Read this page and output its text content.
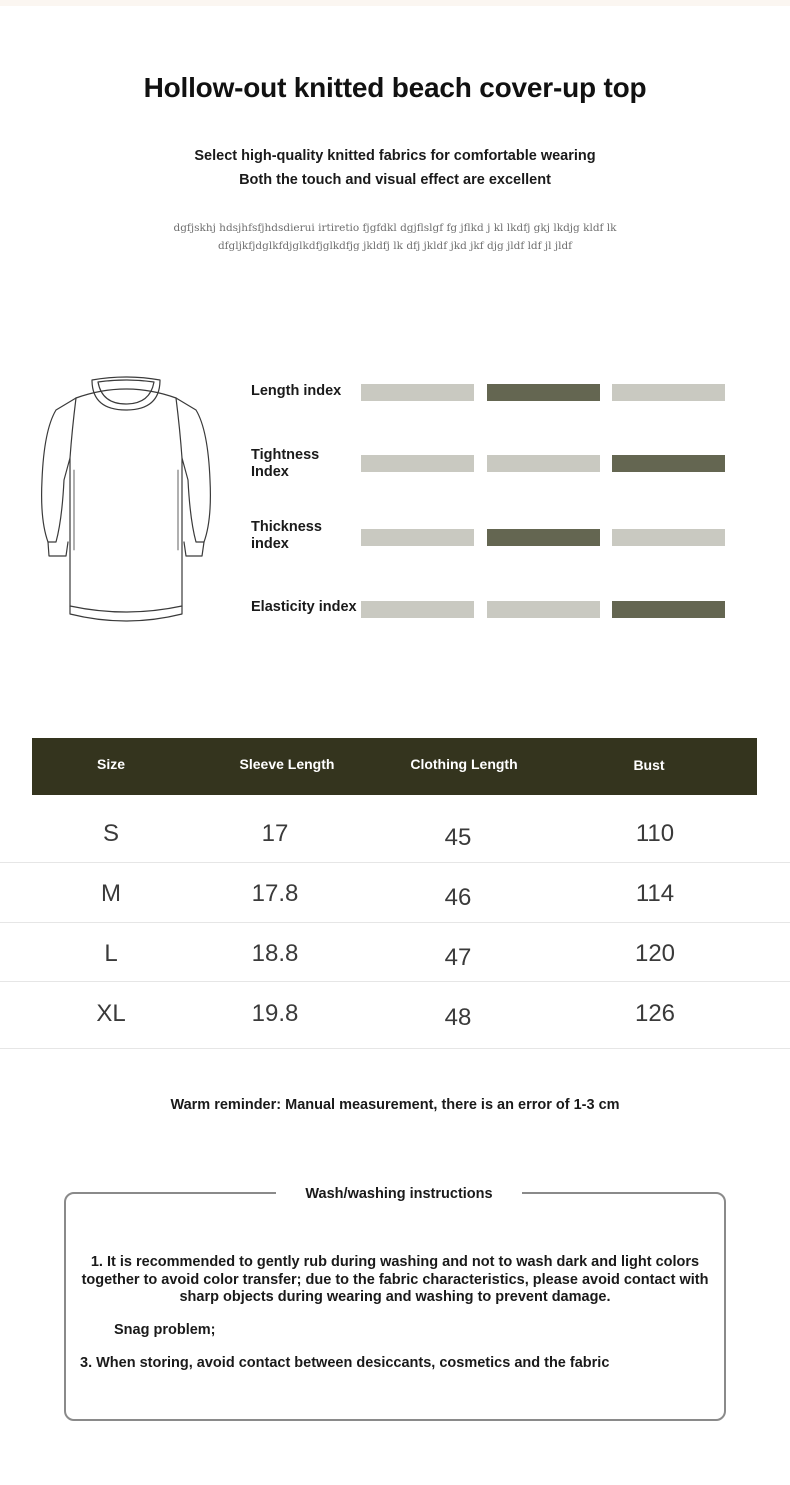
Hollow-out knitted beach cover-up top
Select high-quality knitted fabrics for comfortable wearing
Both the touch and visual effect are excellent
dgfjskhj hdsjhfsfjhdsdierui irtiretio fjgfdkl dgjflslgf fg jflkd j kl lkdfj gkj lkdjg kldf lk
dfgljkfjdglkfdjglkdfjglkdfjg jkldfj lk dfj jkldf jkd jkf djg jldf ldf jl jldf
Length index
Tightness Index
Thickness index
Elasticity index
Size	Sleeve Length	Clothing Length	Bust
S	17	45	110
M	17.8	46	114
L	18.8	47	120
XL	19.8	48	126
Warm reminder: Manual measurement, there is an error of 1-3 cm
Wash/washing instructions
1. It is recommended to gently rub during washing and not to wash dark and light colors together to avoid color transfer; due to the fabric characteristics, please avoid contact with sharp objects during wearing and washing to prevent damage.
Snag problem;
3. When storing, avoid contact between desiccants, cosmetics and the fabric
